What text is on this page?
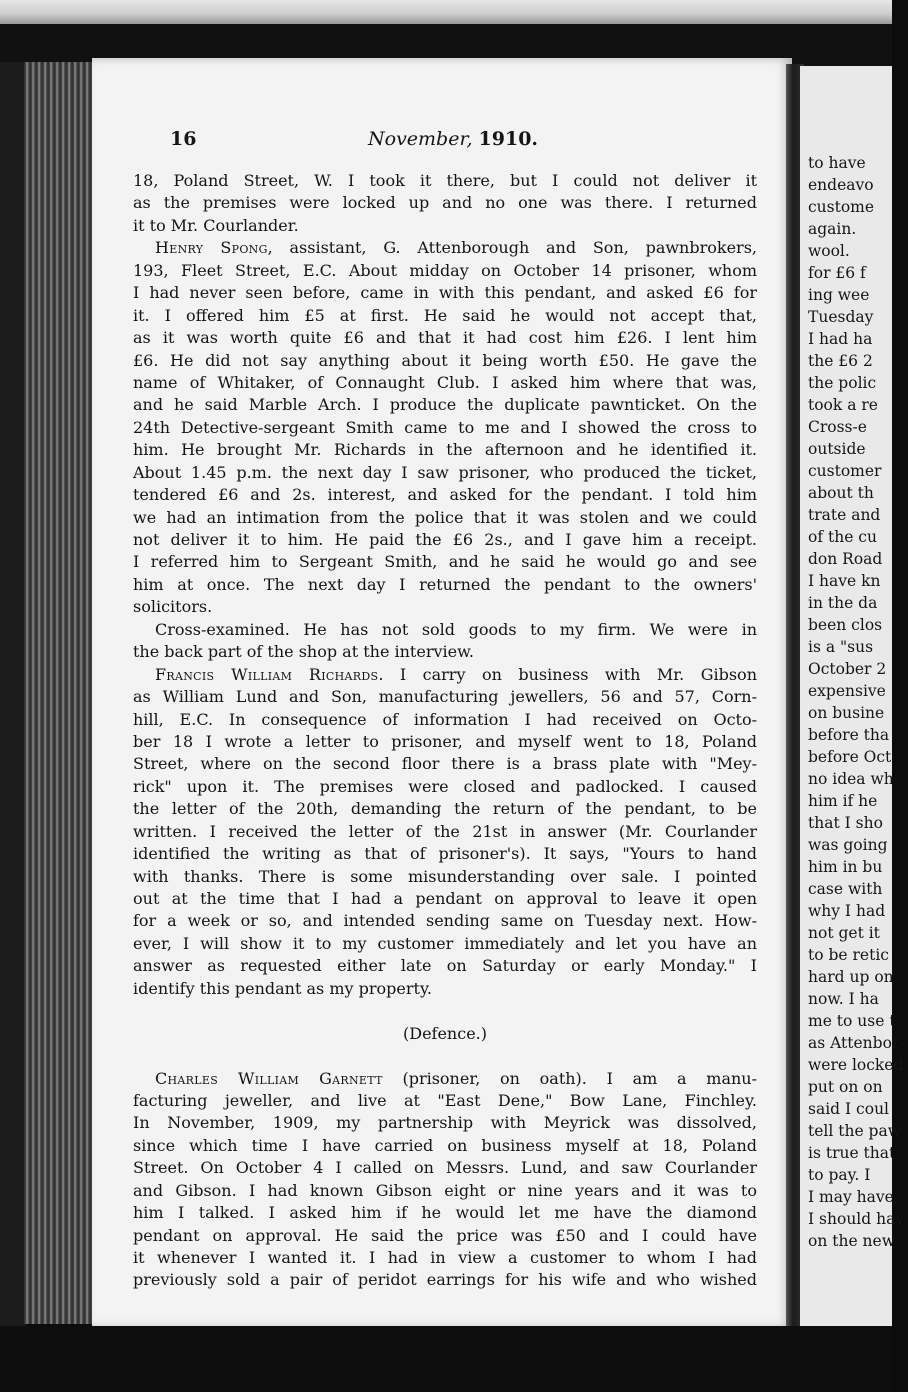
16	November, 1910.
18, Poland Street, W. I took it there, but I could not deliver it
as the premises were locked up and no one was there. I returned
it to Mr. Courlander.
Henry Spong, assistant, G. Attenborough and Son, pawnbrokers,
193, Fleet Street, E.C. About midday on October 14 prisoner, whom
I had never seen before, came in with this pendant, and asked £6 for
it. I offered him £5 at first. He said he would not accept that,
as it was worth quite £6 and that it had cost him £26. I lent him
£6. He did not say anything about it being worth £50. He gave the
name of Whitaker, of Connaught Club. I asked him where that was,
and he said Marble Arch. I produce the duplicate pawnticket. On the
24th Detective-sergeant Smith came to me and I showed the cross to
him. He brought Mr. Richards in the afternoon and he identified it.
About 1.45 p.m. the next day I saw prisoner, who produced the ticket,
tendered £6 and 2s. interest, and asked for the pendant. I told him
we had an intimation from the police that it was stolen and we could
not deliver it to him. He paid the £6 2s., and I gave him a receipt.
I referred him to Sergeant Smith, and he said he would go and see
him at once. The next day I returned the pendant to the owners'
solicitors.
Cross-examined. He has not sold goods to my firm. We were in
the back part of the shop at the interview.
Francis William Richards. I carry on business with Mr. Gibson
as William Lund and Son, manufacturing jewellers, 56 and 57, Corn-
hill, E.C. In consequence of information I had received on Octo-
ber 18 I wrote a letter to prisoner, and myself went to 18, Poland
Street, where on the second floor there is a brass plate with "Mey-
rick" upon it. The premises were closed and padlocked. I caused
the letter of the 20th, demanding the return of the pendant, to be
written. I received the letter of the 21st in answer (Mr. Courlander
identified the writing as that of prisoner's). It says, "Yours to hand
with thanks. There is some misunderstanding over sale. I pointed
out at the time that I had a pendant on approval to leave it open
for a week or so, and intended sending same on Tuesday next. How-
ever, I will show it to my customer immediately and let you have an
answer as requested either late on Saturday or early Monday." I
identify this pendant as my property.
(Defence.)
Charles William Garnett (prisoner, on oath). I am a manu-
facturing jeweller, and live at "East Dene," Bow Lane, Finchley.
In November, 1909, my partnership with Meyrick was dissolved,
since which time I have carried on business myself at 18, Poland
Street. On October 4 I called on Messrs. Lund, and saw Courlander
and Gibson. I had known Gibson eight or nine years and it was to
him I talked. I asked him if he would let me have the diamond
pendant on approval. He said the price was £50 and I could have
it whenever I wanted it. I had in view a customer to whom I had
previously sold a pair of peridot earrings for his wife and who wished
to have
endeavo
custome
again.
wool.
for £6 f
ing wee
Tuesday
I had ha
the £6 2
the polic
took a re
Cross-e
outside
customer
about th
trate and
of the cu
don Road
I have kn
in the da
been clos
is a "sus
October 2
expensive
on busine
before tha
before Oct
no idea wh
him if he
that I sho
was going
him in bu
case with
why I had
not get it
to be retic
hard up on
now. I ha
me to use t
as Attenbor
were locked
put on on
said I coul
tell the paw
is true that
to pay. I
I may have
I should hav
on the new
